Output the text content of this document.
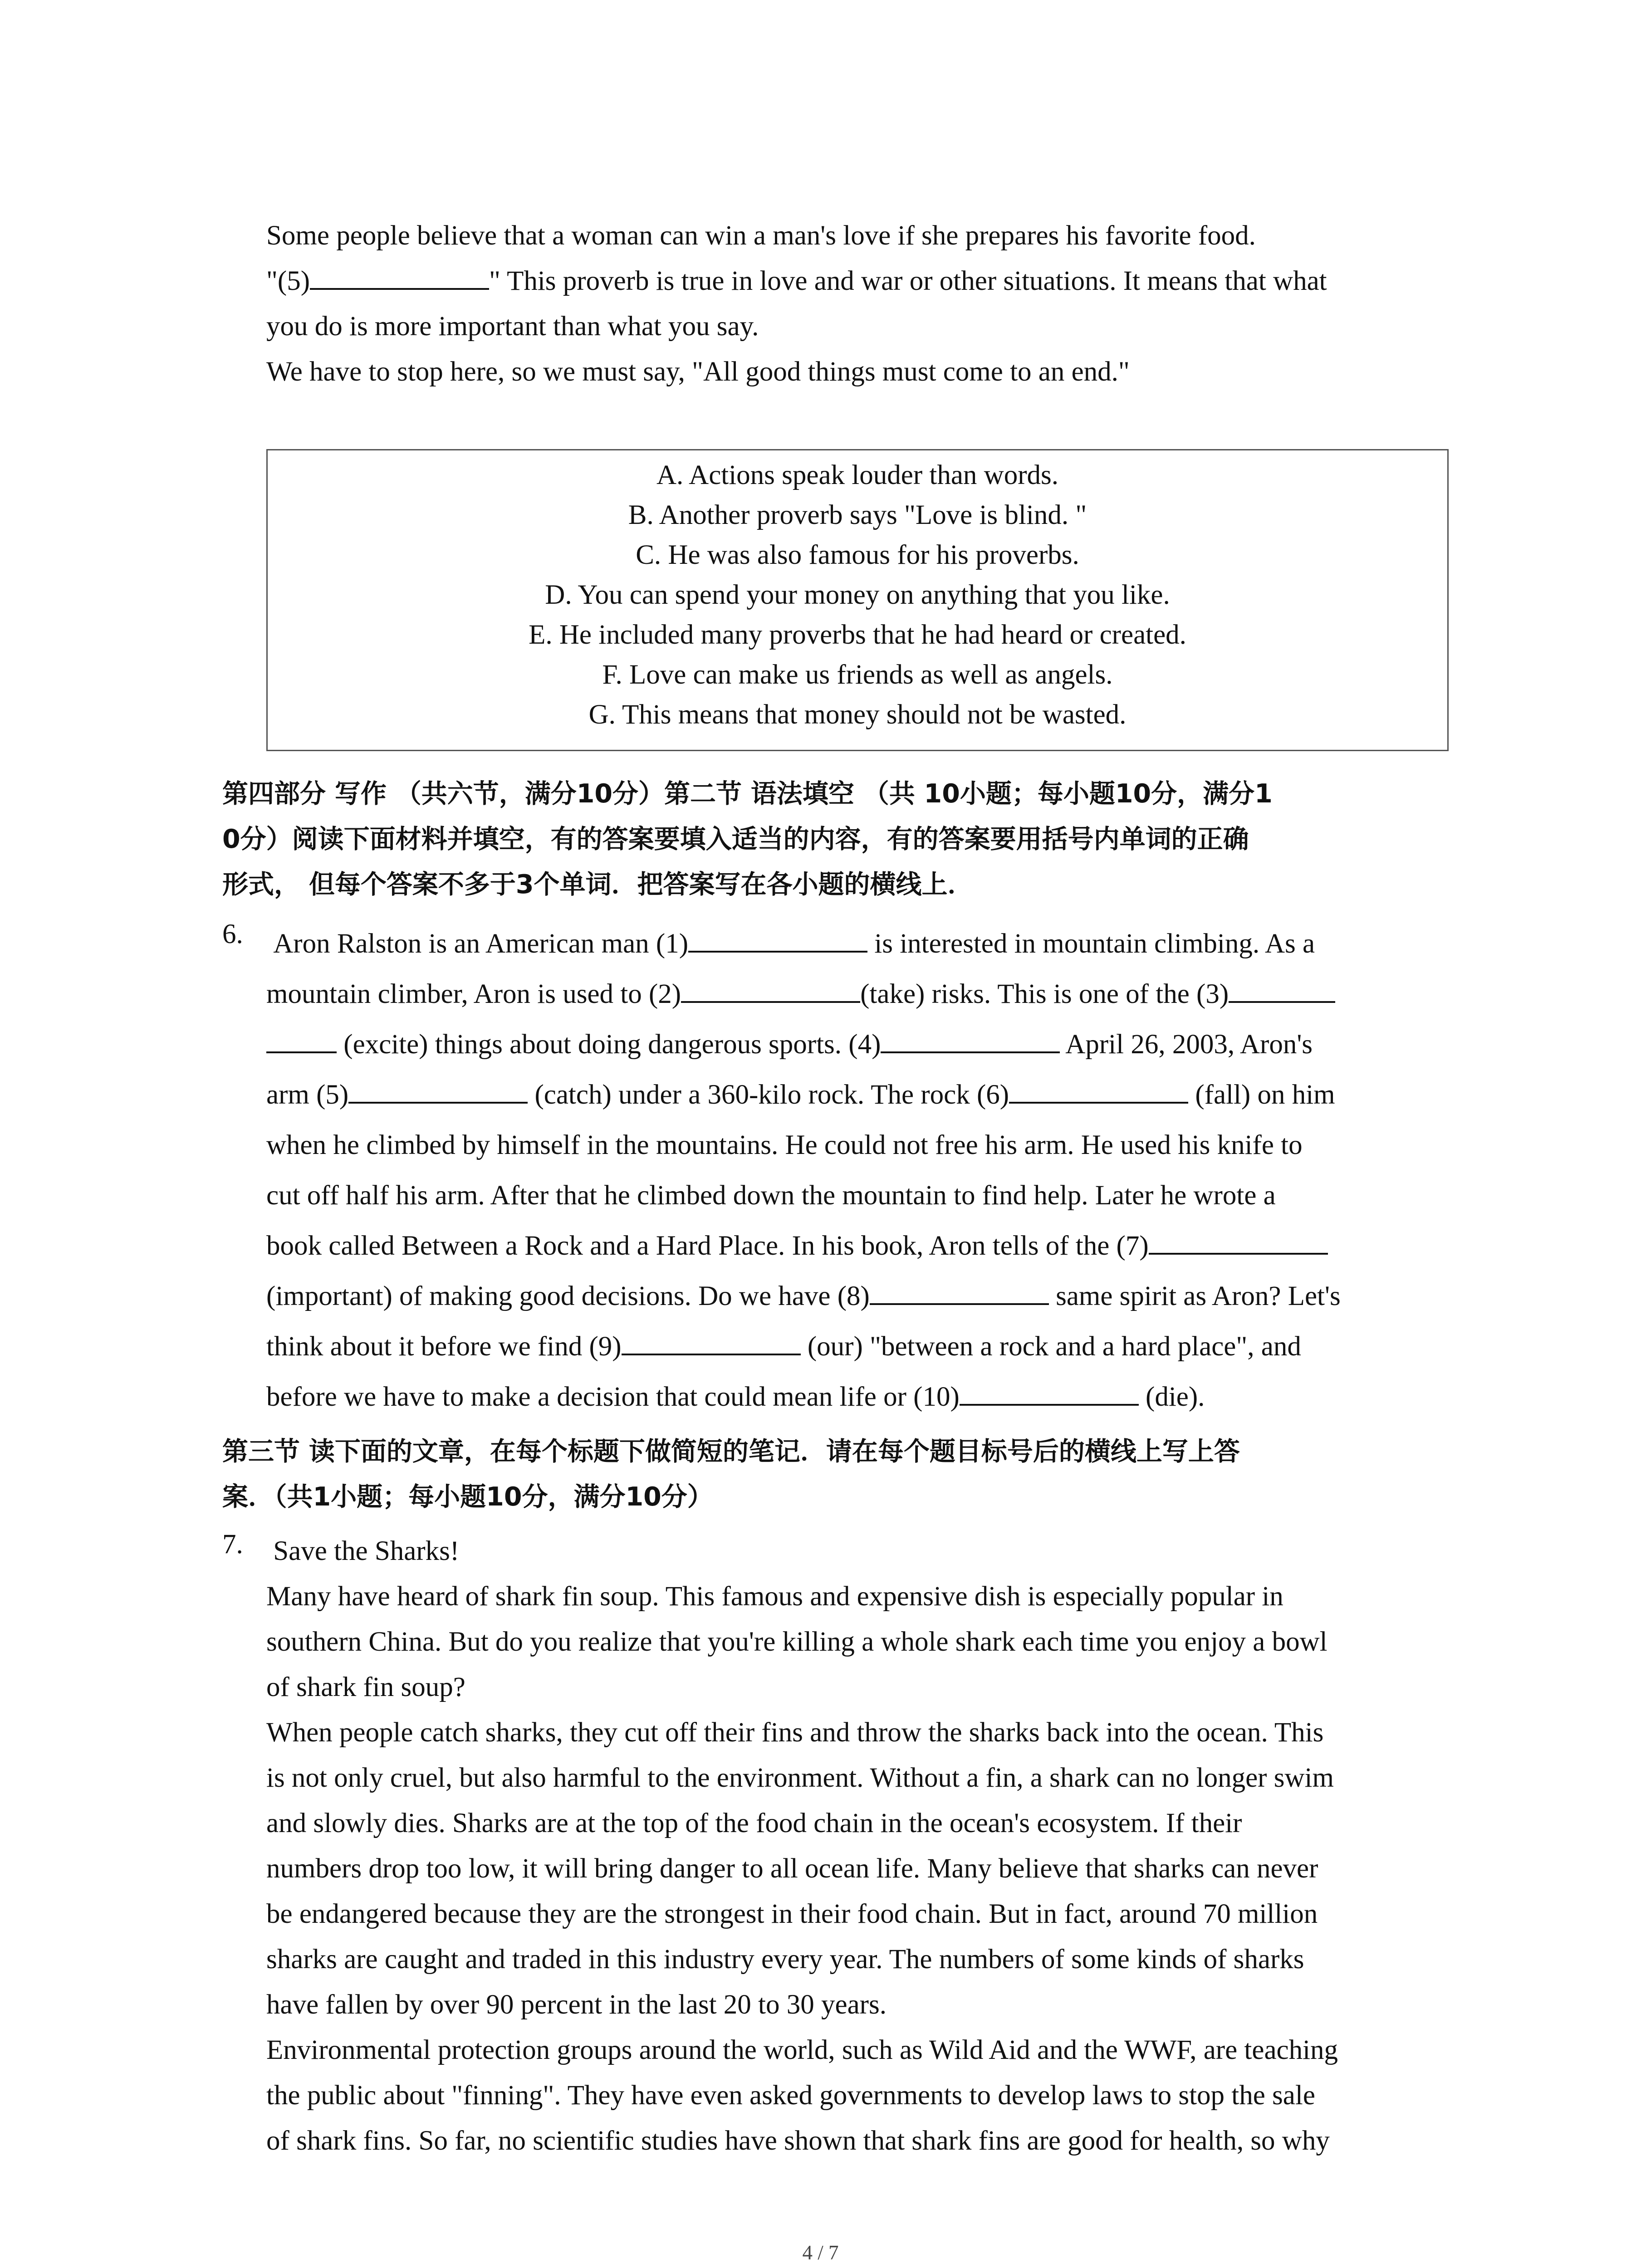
Some people believe that a woman can win a man's love if she prepares his favorite food.
"(5)	" This proverb is true in love and war or other situations. It means that what
you do is more important than what you say.
We have to stop here, so we must say, "All good things must come to an end."
A. Actions speak louder than words.
B. Another proverb says "Love is blind. "
C. He was also famous for his proverbs.
D. You can spend your money on anything that you like.
E. He included many proverbs that he had heard or created.
F. Love can make us friends as well as angels.
G. This means that money should not be wasted.
第四部分 写作 （共六节，满分10分）第二节 语法填空 （共 10小题；每小题10分，满分1
0分）阅读下面材料并填空，有的答案要填入适当的内容，有的答案要用括号内单词的正确
形式， 但每个答案不多于3个单词．把答案写在各小题的横线上．
6. Aron Ralston is an American man (1)	is interested in mountain climbing. As a
mountain climber, Aron is used to (2)	(take) risks. This is one of the (3)
(excite) things about doing dangerous sports. (4)	April 26, 2003, Aron's
arm (5)	(catch) under a 360-kilo rock. The rock (6)	(fall) on him
when he climbed by himself in the mountains. He could not free his arm. He used his knife to
cut off half his arm. After that he climbed down the mountain to find help. Later he wrote a
book called Between a Rock and a Hard Place. In his book, Aron tells of the (7)
(important) of making good decisions. Do we have (8)	same spirit as Aron? Let's
think about it before we find (9)	(our) "between a rock and a hard place", and
before we have to make a decision that could mean life or (10)	(die).
第三节 读下面的文章，在每个标题下做简短的笔记．请在每个题目标号后的横线上写上答
案．（共1小题；每小题10分，满分10分）
7. Save the Sharks!
Many have heard of shark fin soup. This famous and expensive dish is especially popular in
southern China. But do you realize that you're killing a whole shark each time you enjoy a bowl
of shark fin soup?
When people catch sharks, they cut off their fins and throw the sharks back into the ocean. This
is not only cruel, but also harmful to the environment. Without a fin, a shark can no longer swim
and slowly dies. Sharks are at the top of the food chain in the ocean's ecosystem. If their
numbers drop too low, it will bring danger to all ocean life. Many believe that sharks can never
be endangered because they are the strongest in their food chain. But in fact, around 70 million
sharks are caught and traded in this industry every year. The numbers of some kinds of sharks
have fallen by over 90 percent in the last 20 to 30 years.
Environmental protection groups around the world, such as Wild Aid and the WWF, are teaching
the public about "finning". They have even asked governments to develop laws to stop the sale
of shark fins. So far, no scientific studies have shown that shark fins are good for health, so why
4 / 7
